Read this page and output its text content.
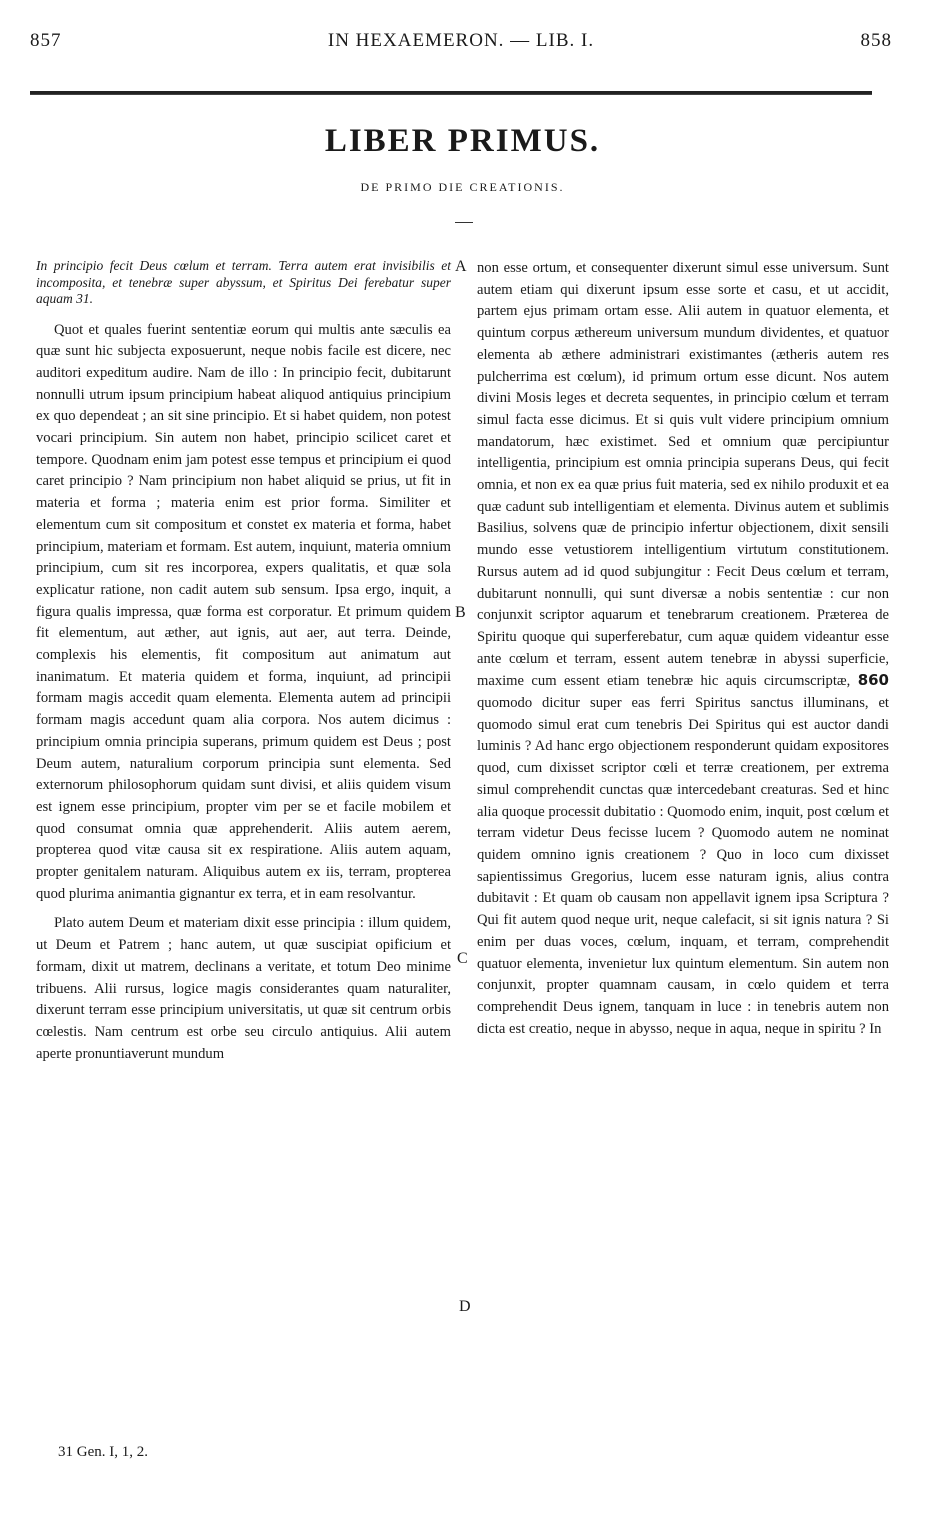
857	IN HEXAEMERON. — LIB. I.	858
LIBER PRIMUS.
DE PRIMO DIE CREATIONIS.

In principio fecit Deus cœlum et terram. Terra autem erat invisibilis et incomposita, et tenebræ super abyssum, et Spiritus Dei ferebatur super aquam 31.

Quot et quales fuerint sententiæ eorum qui multis ante sæculis ea quæ sunt hic subjecta exposuerunt, neque nobis facile est dicere, nec auditori expeditum audire. Nam de illo : In principio fecit, dubitarunt nonnulli utrum ipsum principium habeat aliquod antiquius principium ex quo dependeat ; an sit sine principio. Et si habet quidem, non potest vocari principium. Sin autem non habet, principio scilicet caret et tempore. Quodnam enim jam potest esse tempus et principium ei quod caret principio ? Nam principium non habet aliquid se prius, ut fit in materia et forma ; materia enim est prior forma. Similiter et elementum cum sit compositum et constet ex materia et forma, habet principium, materiam et formam. Est autem, inquiunt, materia omnium principium, cum sit res incorporea, expers qualitatis, et quæ sola explicatur ratione, non cadit autem sub sensum. Ipsa ergo, inquit, a figura qualis impressa, quæ forma est corporatur. Et primum quidem fit elementum, aut æther, aut ignis, aut aer, aut terra. Deinde, complexis his elementis, fit compositum aut animatum aut inanimatum. Et materia quidem et forma, inquiunt, ad principii formam magis accedit quam elementa. Elementa autem ad principii formam magis accedunt quam alia corpora. Nos autem dicimus : principium omnia principia superans, primum quidem est Deus ; post Deum autem, naturalium corporum principia sunt elementa. Sed externorum philosophorum quidam sunt divisi, et aliis quidem visum est ignem esse principium, propter vim per se et facile mobilem et quod consumat omnia quæ apprehenderit. Aliis autem aerem, propterea quod vitæ causa sit ex respiratione. Aliis autem aquam, propter genitalem naturam. Aliquibus autem ex iis, terram, propterea quod plurima animantia gignantur ex terra, et in eam resolvantur.

Plato autem Deum et materiam dixit esse principia : illum quidem, ut Deum et Patrem ; hanc autem, ut quæ suscipiat opificium et formam, dixit ut matrem, declinans a veritate, et totum Deo minime tribuens. Alii rursus, logice magis considerantes quam naturaliter, dixerunt terram esse principium universitatis, ut quæ sit centrum orbis cœlestis. Nam centrum est orbe seu circulo antiquius. Alii autem aperte pronuntiaverunt mundum

A
B
C
D

non esse ortum, et consequenter dixerunt simul esse universum. Sunt autem etiam qui dixerunt ipsum esse sorte et casu, et ut accidit, partem ejus primam ortam esse. Alii autem in quatuor elementa, et quintum corpus æthereum universum mundum dividentes, et quatuor elementa ab æthere administrari existimantes (ætheris autem res pulcherrima est cœlum), id primum ortum esse dicunt. Nos autem divini Mosis leges et decreta sequentes, in principio cœlum et terram simul facta esse dicimus. Et si quis vult videre principium omnium mandatorum, hæc existimet. Sed et omnium quæ percipiuntur intelligentia, principium est omnia principia superans Deus, qui fecit omnia, et non ex ea quæ prius fuit materia, sed ex nihilo produxit et ea quæ cadunt sub intelligentiam et elementa. Divinus autem et sublimis Basilius, solvens quæ de principio infertur objectionem, dixit sensili mundo esse vetustiorem intelligentium virtutum constitutionem. Rursus autem ad id quod subjungitur : Fecit Deus cœlum et terram, dubitarunt nonnulli, qui sunt diversæ a nobis sententiæ : cur non conjunxit scriptor aquarum et tenebrarum creationem. Præterea de Spiritu quoque qui superferebatur, cum aquæ quidem videantur esse ante cœlum et terram, essent autem tenebræ in abyssi superficie, maxime cum essent etiam tenebræ hic aquis circumscriptæ, 860 quomodo dicitur super eas ferri Spiritus sanctus illuminans, et quomodo simul erat cum tenebris Dei Spiritus qui est auctor dandi luminis ? Ad hanc ergo objectionem responderunt quidam expositores quod, cum dixisset scriptor cœli et terræ creationem, per extrema simul comprehendit cunctas quæ intercedebant creaturas. Sed et hinc alia quoque processit dubitatio : Quomodo enim, inquit, post cœlum et terram videtur Deus fecisse lucem ? Quomodo autem ne nominat quidem omnino ignis creationem ? Quo in loco cum dixisset sapientissimus Gregorius, lucem esse naturam ignis, alius contra dubitavit : Et quam ob causam non appellavit ignem ipsa Scriptura ? Qui fit autem quod neque urit, neque calefacit, si sit ignis natura ? Si enim per duas voces, cœlum, inquam, et terram, comprehendit quatuor elementa, invenietur lux quintum elementum. Sin autem non conjunxit, propter quamnam causam, in cœlo quidem et terra comprehendit Deus ignem, tanquam in luce : in tenebris autem non dicta est creatio, neque in abysso, neque in aqua, neque in spiritu ? In

31 Gen. I, 1, 2.
